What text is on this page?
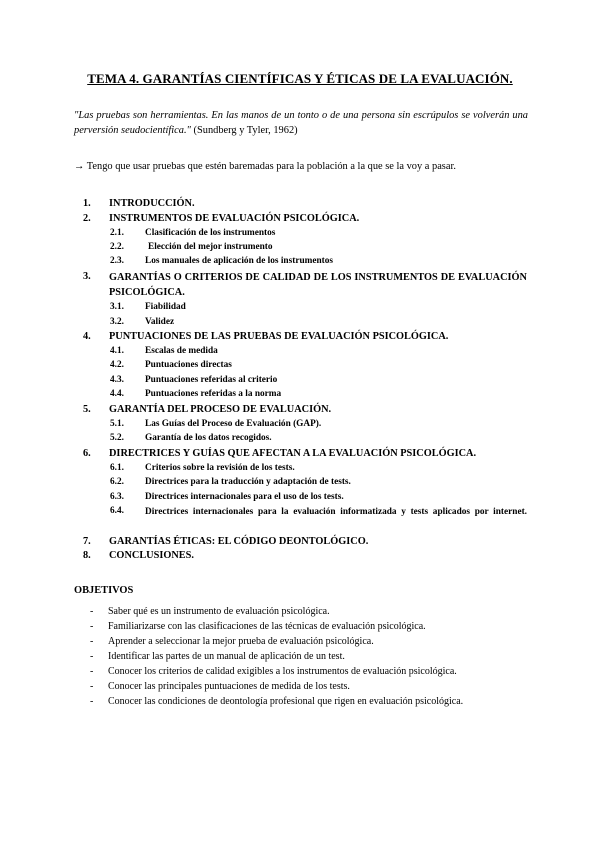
TEMA 4. GARANTÍAS CIENTÍFICAS Y ÉTICAS DE LA EVALUACIÓN.
"Las pruebas son herramientas. En las manos de un tonto o de una persona sin escrúpulos se volverán una perversión seudocientífica." (Sundberg y Tyler, 1962)
→ Tengo que usar pruebas que estén baremadas para la población a la que se la voy a pasar.
1. INTRODUCCIÓN.
2. INSTRUMENTOS DE EVALUACIÓN PSICOLÓGICA.
2.1. Clasificación de los instrumentos
2.2.	Elección del mejor instrumento
2.3. Los manuales de aplicación de los instrumentos
3. GARANTÍAS O CRITERIOS DE CALIDAD DE LOS INSTRUMENTOS DE EVALUACIÓN PSICOLÓGICA.
3.1. Fiabilidad
3.2. Validez
4. PUNTUACIONES DE LAS PRUEBAS DE EVALUACIÓN PSICOLÓGICA.
4.1. Escalas de medida
4.2. Puntuaciones directas
4.3. Puntuaciones referidas al criterio
4.4. Puntuaciones referidas a la norma
5. GARANTÍA DEL PROCESO DE EVALUACIÓN.
5.1. Las Guías del Proceso de Evaluación (GAP).
5.2. Garantía de los datos recogidos.
6. DIRECTRICES Y GUÍAS QUE AFECTAN A LA EVALUACIÓN PSICOLÓGICA.
6.1. Criterios sobre la revisión de los tests.
6.2. Directrices para la traducción y adaptación de tests.
6.3. Directrices internacionales para el uso de los tests.
6.4. Directrices internacionales para la evaluación informatizada y tests aplicados por internet.
7. GARANTÍAS ÉTICAS: EL CÓDIGO DEONTOLÓGICO.
8. CONCLUSIONES.
OBJETIVOS
- Saber qué es un instrumento de evaluación psicológica.
- Familiarizarse con las clasificaciones de las técnicas de evaluación psicológica.
- Aprender a seleccionar la mejor prueba de evaluación psicológica.
- Identificar las partes de un manual de aplicación de un test.
- Conocer los criterios de calidad exigibles a los instrumentos de evaluación psicológica.
- Conocer las principales puntuaciones de medida de los tests.
- Conocer las condiciones de deontología profesional que rigen en evaluación psicológica.
